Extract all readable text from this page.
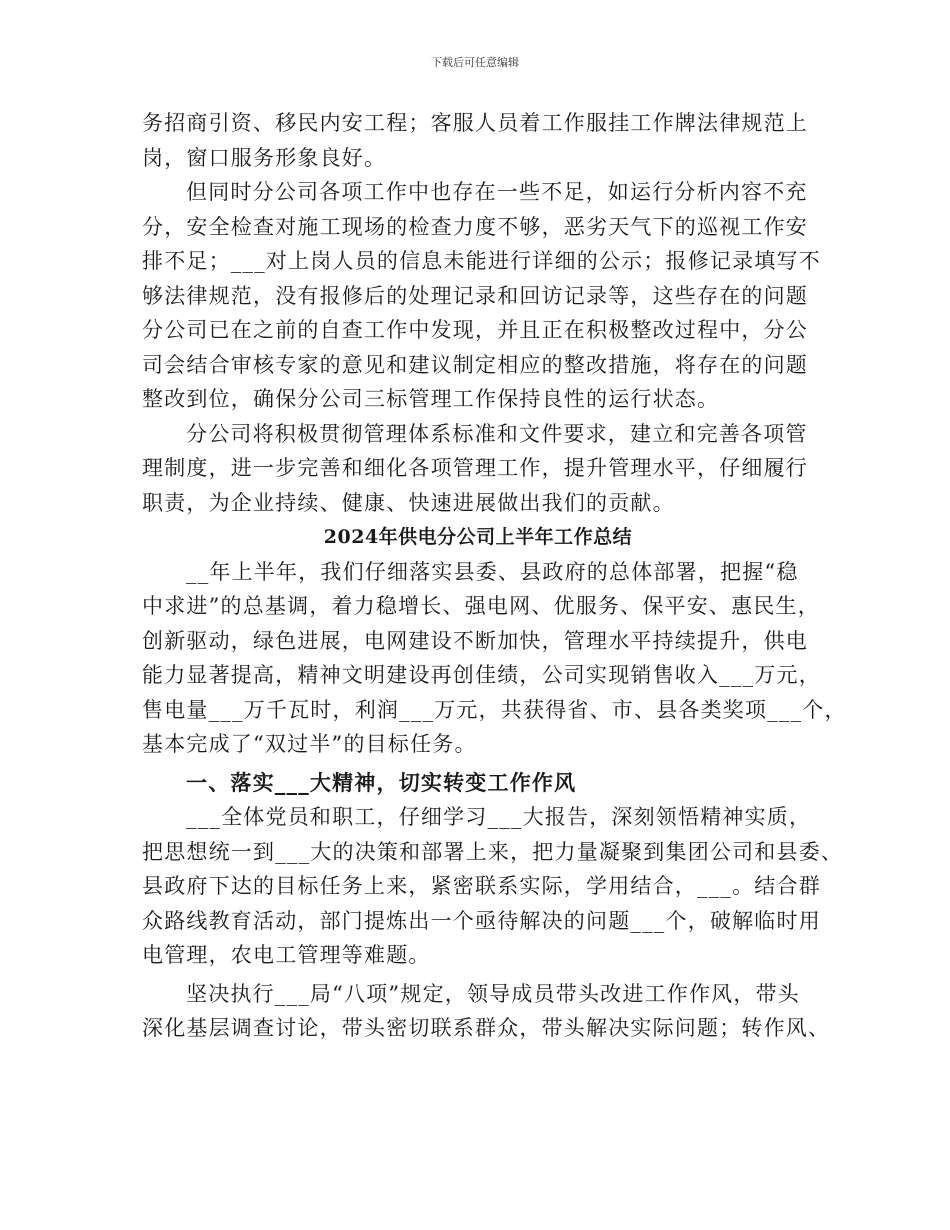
下载后可任意编辑
务招商引资、移民内安工程；客服人员着工作服挂工作牌法律规范上
岗，窗口服务形象良好。
但同时分公司各项工作中也存在一些不足，如运行分析内容不充
分，安全检查对施工现场的检查力度不够，恶劣天气下的巡视工作安
排不足；___对上岗人员的信息未能进行详细的公示；报修记录填写不
够法律规范，没有报修后的处理记录和回访记录等，这些存在的问题
分公司已在之前的自查工作中发现，并且正在积极整改过程中，分公
司会结合审核专家的意见和建议制定相应的整改措施，将存在的问题
整改到位，确保分公司三标管理工作保持良性的运行状态。
分公司将积极贯彻管理体系标准和文件要求，建立和完善各项管
理制度，进一步完善和细化各项管理工作，提升管理水平，仔细履行
职责，为企业持续、健康、快速进展做出我们的贡献。
2024年供电分公司上半年工作总结
__年上半年，我们仔细落实县委、县政府的总体部署，把握“稳
中求进”的总基调，着力稳增长、强电网、优服务、保平安、惠民生，
创新驱动，绿色进展，电网建设不断加快，管理水平持续提升，供电
能力显著提高，精神文明建设再创佳绩，公司实现销售收入___万元，
售电量___万千瓦时，利润___万元，共获得省、市、县各类奖项___个，
基本完成了“双过半”的目标任务。
一、落实___大精神，切实转变工作作风
___全体党员和职工，仔细学习___大报告，深刻领悟精神实质，
把思想统一到___大的决策和部署上来，把力量凝聚到集团公司和县委、
县政府下达的目标任务上来，紧密联系实际，学用结合，___。结合群
众路线教育活动，部门提炼出一个亟待解决的问题___个，破解临时用
电管理，农电工管理等难题。
坚决执行___局“八项”规定，领导成员带头改进工作作风，带头
深化基层调查讨论，带头密切联系群众，带头解决实际问题；转作风、
